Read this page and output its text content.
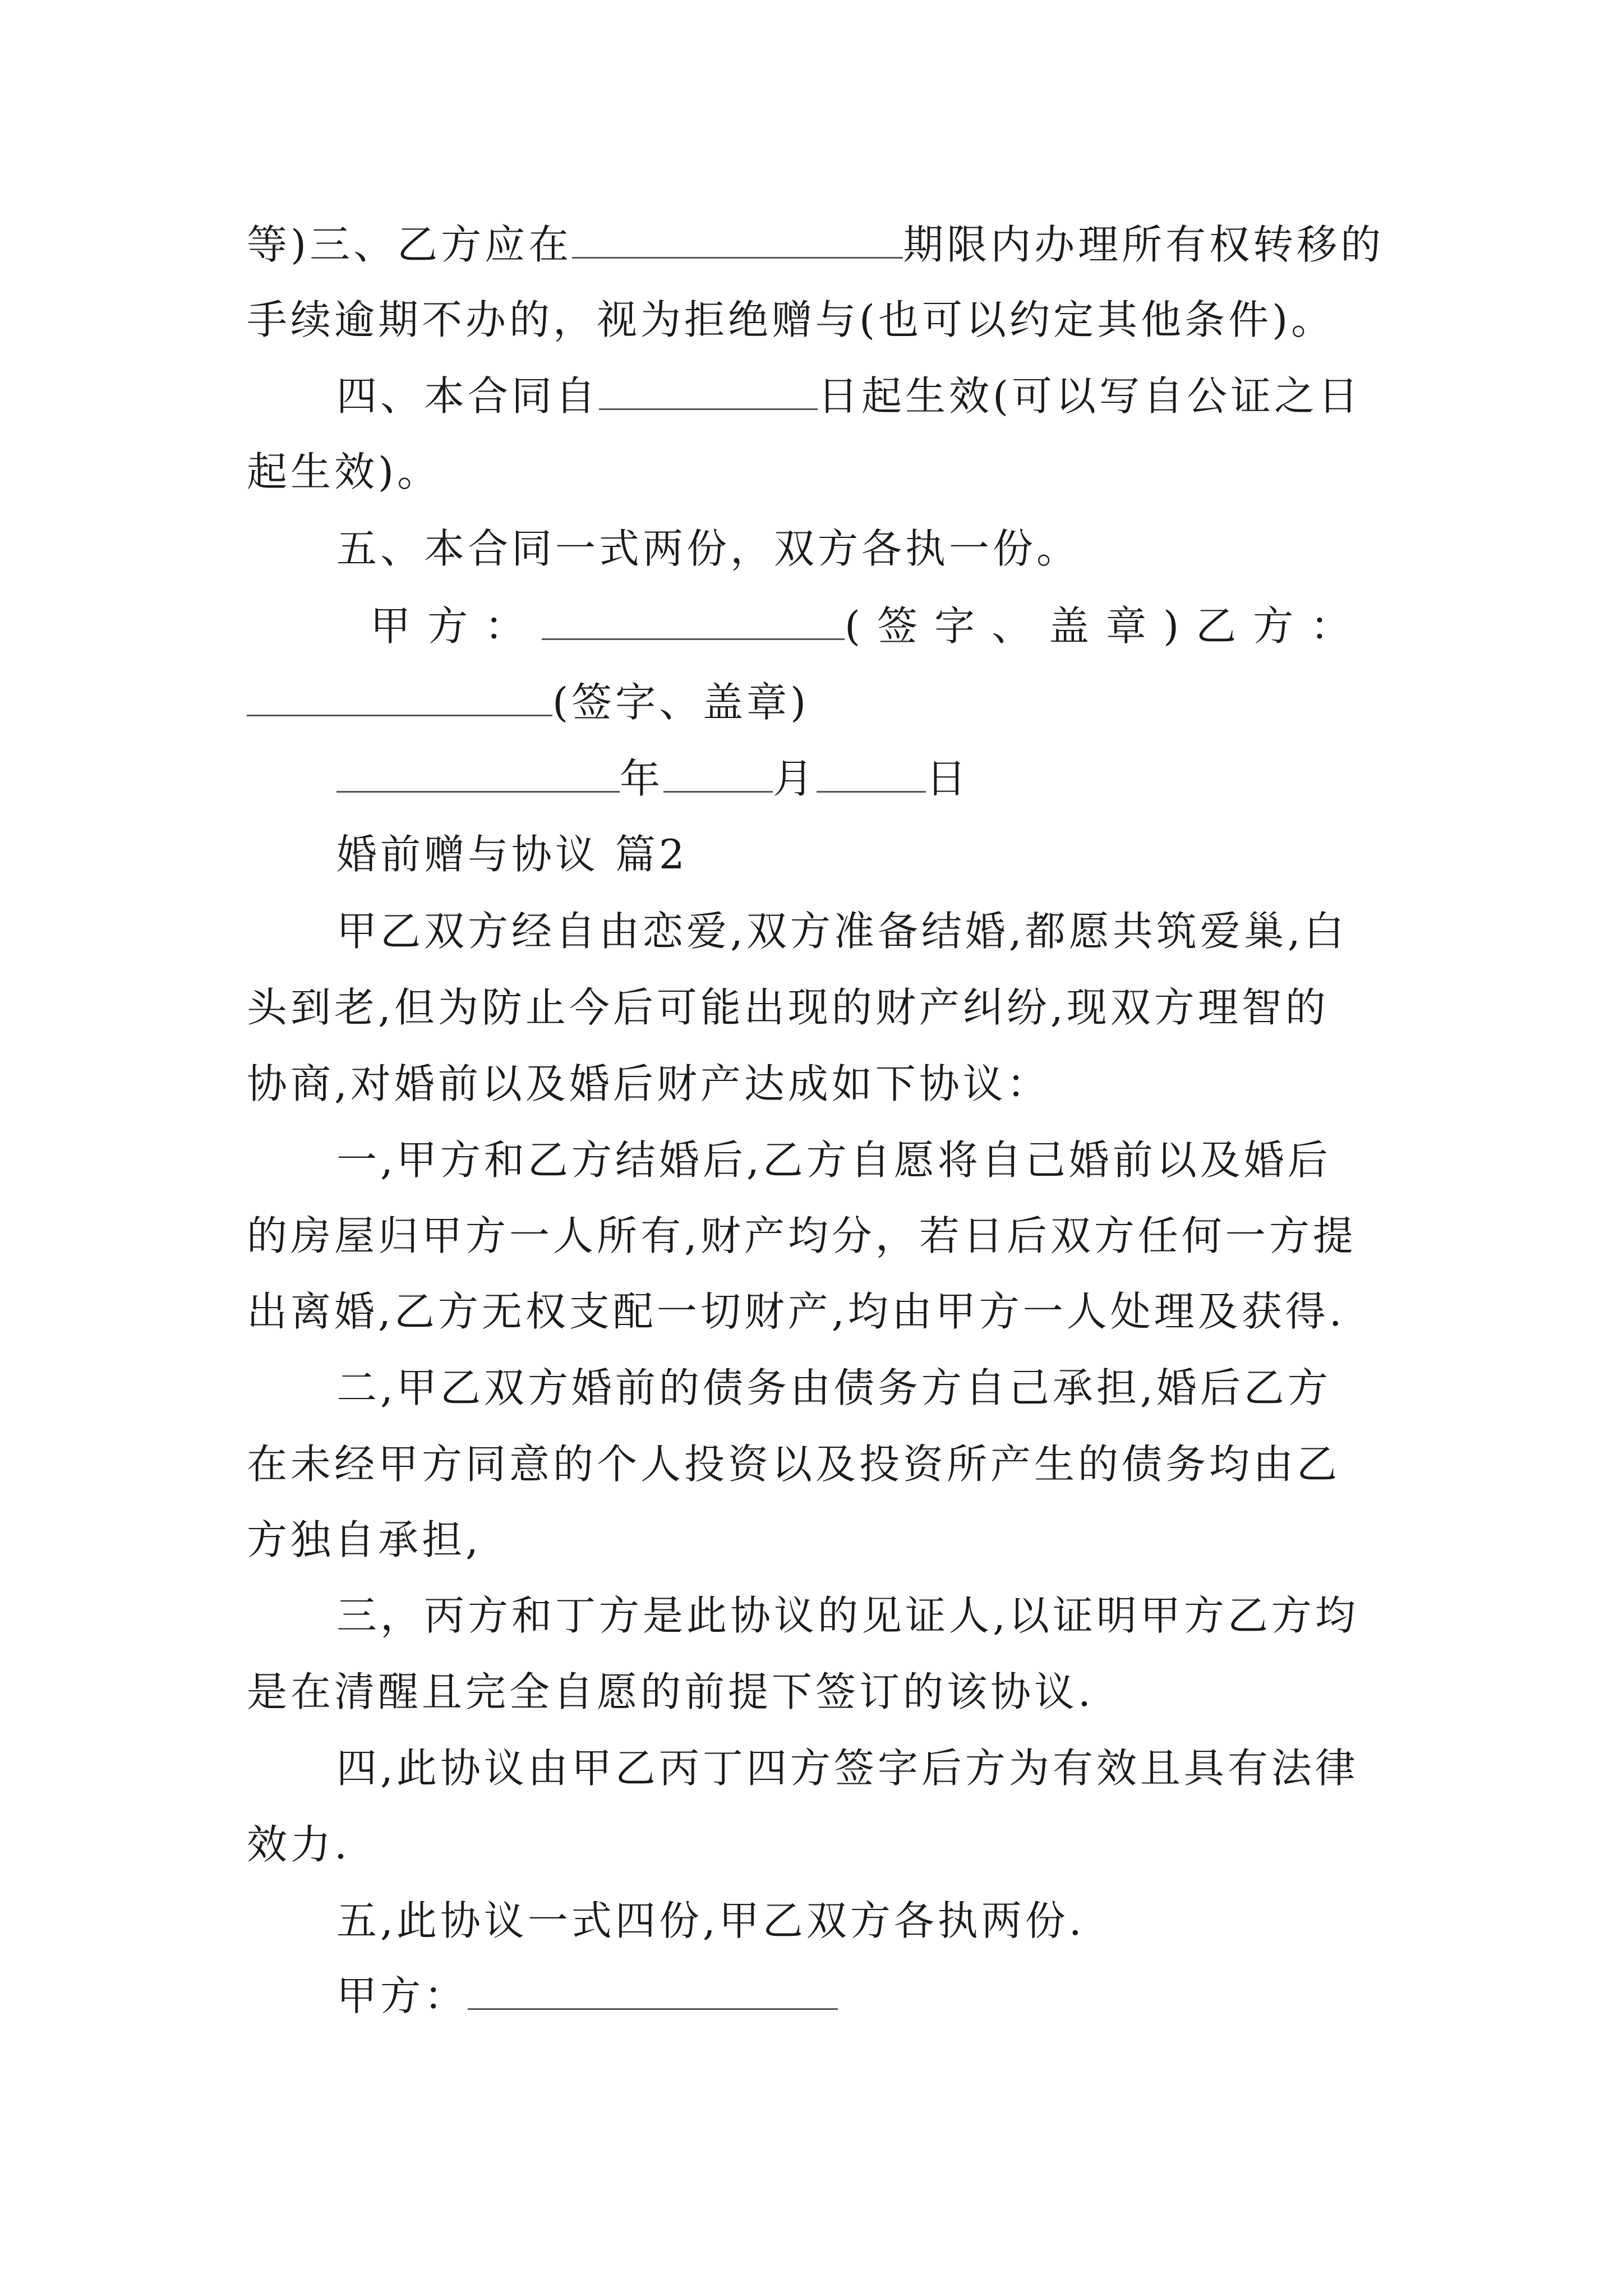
等)三、乙方应在	期限内办理所有权转移的
手续逾期不办的，视为拒绝赠与(也可以约定其他条件)。
四、本合同自	日起生效(可以写自公证之日
起生效)。
五、本合同一式两份，双方各执一份。
甲方：	(签字、盖章)乙方：
(签字、盖章)
年	月	日
婚前赠与协议 篇2
甲乙双方经自由恋爱,双方准备结婚,都愿共筑爱巢,白
头到老,但为防止今后可能出现的财产纠纷,现双方理智的
协商,对婚前以及婚后财产达成如下协议：
一,甲方和乙方结婚后,乙方自愿将自己婚前以及婚后
的房屋归甲方一人所有,财产均分，若日后双方任何一方提
出离婚,乙方无权支配一切财产,均由甲方一人处理及获得.
二,甲乙双方婚前的债务由债务方自己承担,婚后乙方
在未经甲方同意的个人投资以及投资所产生的债务均由乙
方独自承担,
三，丙方和丁方是此协议的见证人,以证明甲方乙方均
是在清醒且完全自愿的前提下签订的该协议.
四,此协议由甲乙丙丁四方签字后方为有效且具有法律
效力.
五,此协议一式四份,甲乙双方各执两份.
甲方：
